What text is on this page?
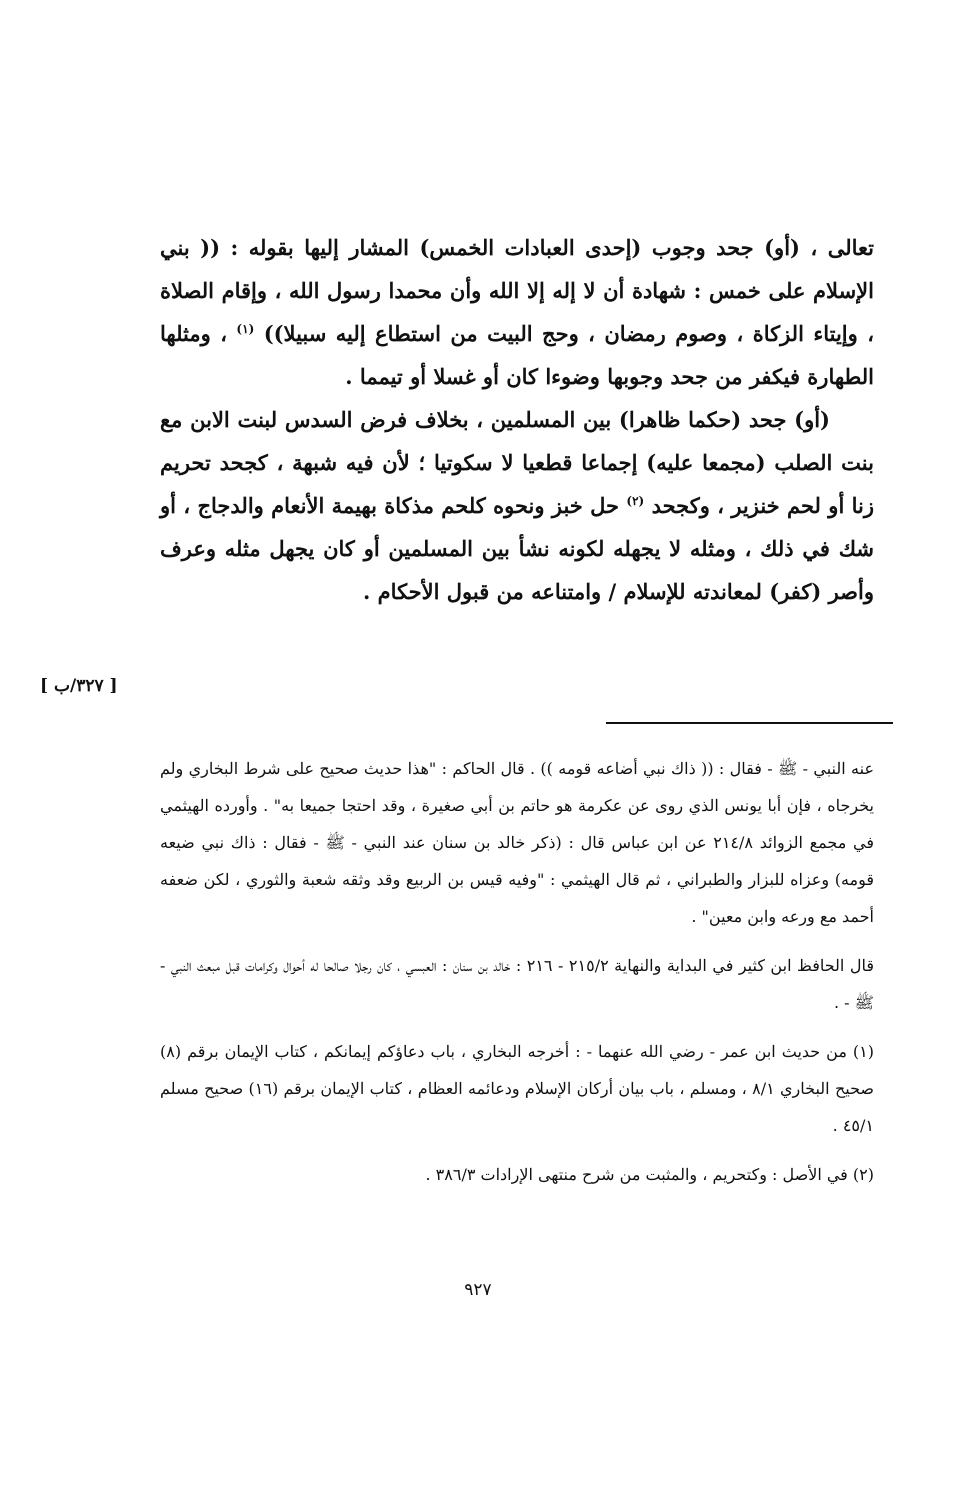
تعالى ، (أو) جحد وجوب (إحدى العبادات الخمس) المشار إليها بقوله : (( بني الإسلام على خمس : شهادة أن لا إله إلا الله وأن محمدا رسول الله ، وإقام الصلاة ، وإيتاء الزكاة ، وصوم رمضان ، وحج البيت من استطاع إليه سبيلا)) $^{(١)}$ ، ومثلها الطهارة فيكفر من جحد وجوبها وضوءا كان أو غسلا أو تيمما .

(أو) جحد (حكما ظاهرا) بين المسلمين ، بخلاف فرض السدس لبنت الابن مع بنت الصلب (مجمعا عليه) إجماعا قطعيا لا سكوتيا ؛ لأن فيه شبهة ، كجحد تحريم زنا أو لحم خنزير ، وكجحد $^{(٢)}$ حل خبز ونحوه كلحم مذكاة بهيمة الأنعام والدجاج ، أو شك في ذلك ، ومثله لا يجهله لكونه نشأ بين المسلمين أو كان يجهل مثله وعرف وأصر (كفر) لمعاندته للإسلام / وامتناعه من قبول الأحكام .

[ ٣٢٧/ب ]

عنه النبي - ﷺ - فقال : (( ذاك نبي أضاعه قومه )) . قال الحاكم : "هذا حديث صحيح على شرط البخاري ولم يخرجاه ، فإن أبا يونس الذي روى عن عكرمة هو حاتم بن أبي صغيرة ، وقد احتجا جميعا به" . وأورده الهيثمي في مجمع الزوائد ٢١٤/٨ عن ابن عباس قال : (ذكر خالد بن سنان عند النبي - ﷺ - فقال : ذاك نبي ضيعه قومه) وعزاه للبزار والطبراني ، ثم قال الهيثمي : "وفيه قيس بن الربيع وقد وثقه شعبة والثوري ، لكن ضعفه أحمد مع ورعه وابن معين" .

قال الحافظ ابن كثير في البداية والنهاية ٢١٥/٢ - ٢١٦ : خالد بن سنان : العبسي ، كان رجلا صالحا له أحوال وكرامات قبل مبعث النبي - ﷺ - .

(١) من حديث ابن عمر - رضي الله عنهما - : أخرجه البخاري ، باب دعاؤكم إيمانكم ، كتاب الإيمان برقم (٨) صحيح البخاري ٨/١ ، ومسلم ، باب بيان أركان الإسلام ودعائمه العظام ، كتاب الإيمان برقم (١٦) صحيح مسلم ٤٥/١ .

(٢) في الأصل : وكتحريم ، والمثبت من شرح منتهى الإرادات ٣٨٦/٣ .

٩٢٧
